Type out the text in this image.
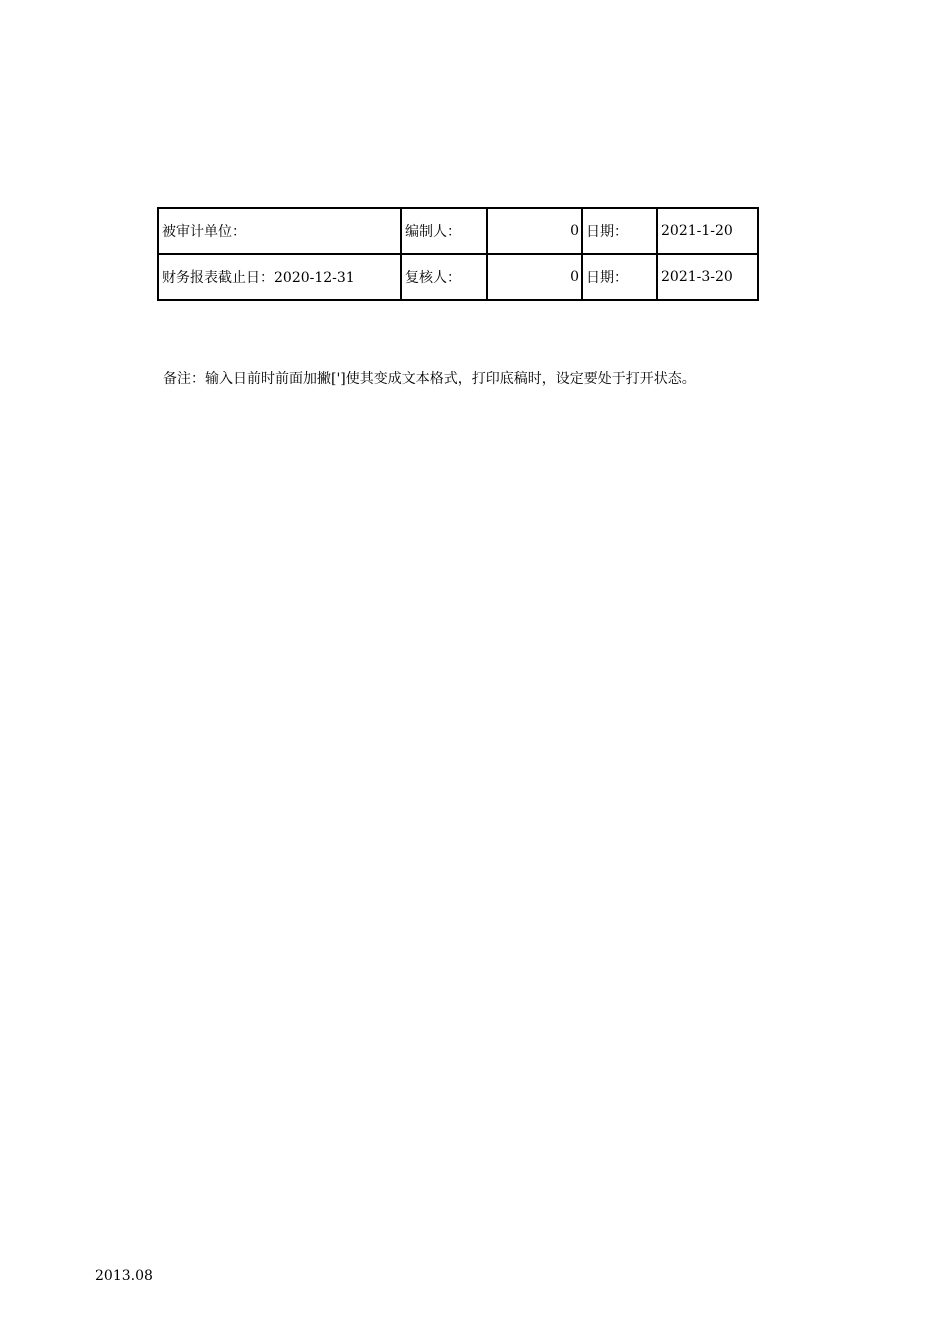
被审计单位：	编制人：	0	日期：	2021-1-20
财务报表截止日：2020-12-31	复核人：	0	日期：	2021-3-20
备注：输入日前时前面加撇[']使其变成文本格式，打印底稿时，设定要处于打开状态。
2013.08
